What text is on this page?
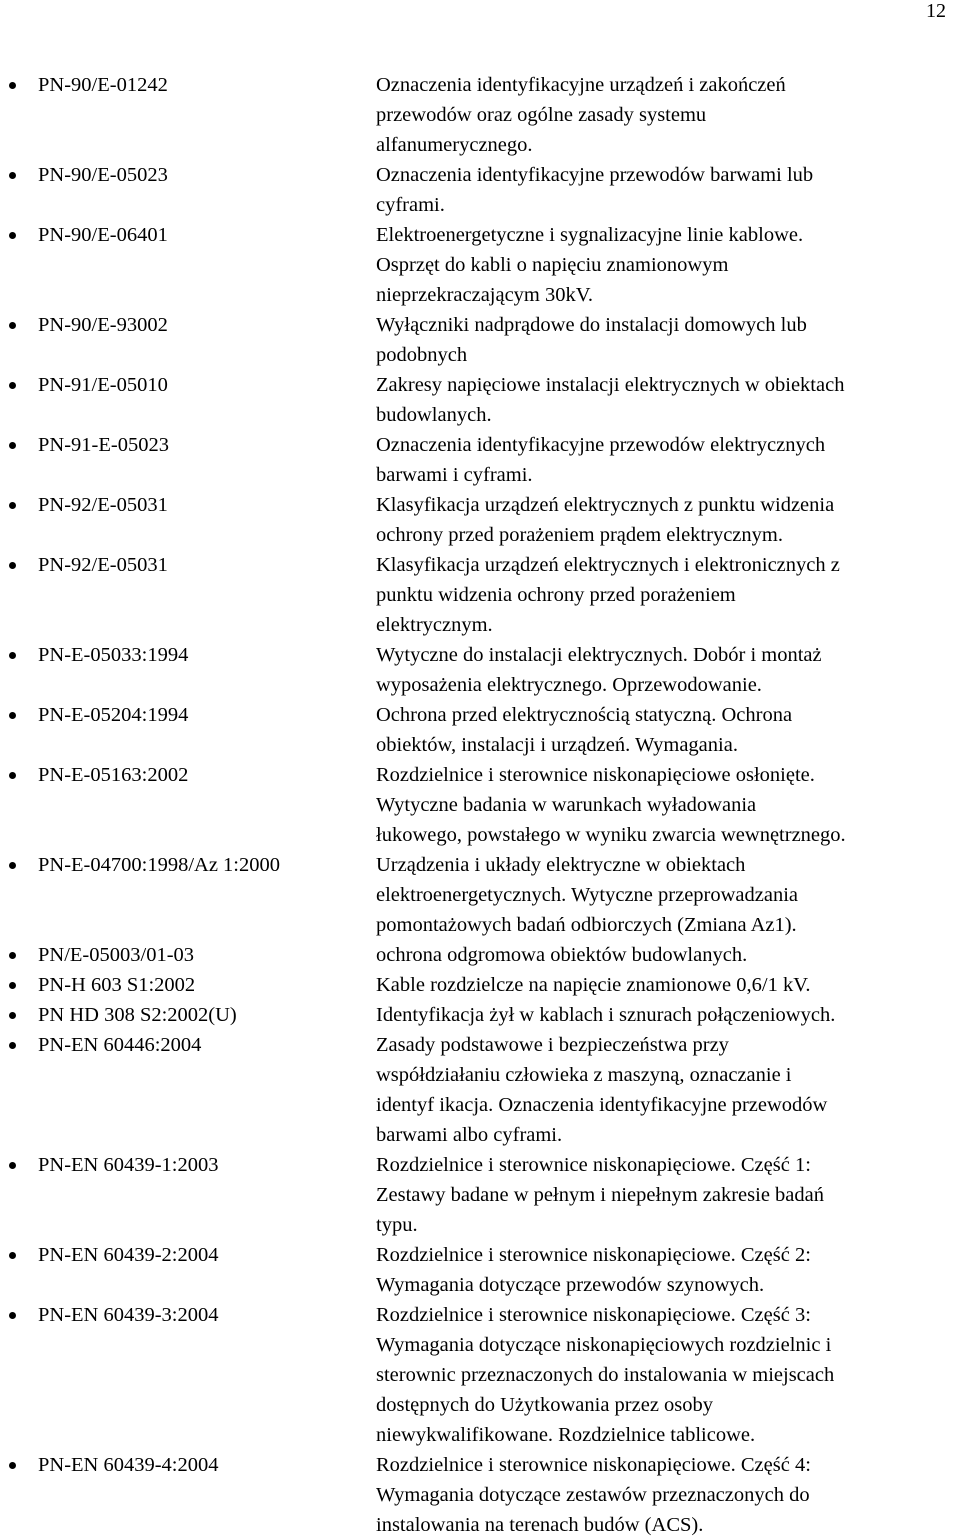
12
PN-90/E-01242	Oznaczenia identyfikacyjne urządzeń i zakończeń
przewodów oraz ogólne zasady systemu
alfanumerycznego.
PN-90/E-05023	Oznaczenia identyfikacyjne przewodów barwami lub
cyframi.
PN-90/E-06401	Elektroenergetyczne i sygnalizacyjne linie kablowe.
Osprzęt do kabli o napięciu znamionowym
nieprzekraczającym 30kV.
PN-90/E-93002	Wyłączniki nadprądowe do instalacji domowych lub
podobnych
PN-91/E-05010	Zakresy napięciowe instalacji elektrycznych w obiektach
budowlanych.
PN-91-E-05023	Oznaczenia identyfikacyjne przewodów elektrycznych
barwami i cyframi.
PN-92/E-05031	Klasyfikacja urządzeń elektrycznych z punktu widzenia
ochrony przed porażeniem prądem elektrycznym.
PN-92/E-05031	Klasyfikacja urządzeń elektrycznych i elektronicznych z
punktu widzenia ochrony przed porażeniem
elektrycznym.
PN-E-05033:1994	Wytyczne do instalacji elektrycznych. Dobór i montaż
wyposażenia elektrycznego. Oprzewodowanie.
PN-E-05204:1994	Ochrona przed elektrycznością statyczną. Ochrona
obiektów, instalacji i urządzeń. Wymagania.
PN-E-05163:2002	Rozdzielnice i sterownice niskonapięciowe osłonięte.
Wytyczne badania w warunkach wyładowania
łukowego, powstałego w wyniku zwarcia wewnętrznego.
PN-E-04700:1998/Az 1:2000	Urządzenia i układy elektryczne w obiektach
elektroenergetycznych. Wytyczne przeprowadzania
pomontażowych badań odbiorczych (Zmiana Az1).
PN/E-05003/01-03	ochrona odgromowa obiektów budowlanych.
PN-H 603 S1:2002	Kable rozdzielcze na napięcie znamionowe 0,6/1 kV.
PN HD 308 S2:2002(U)	Identyfikacja żył w kablach i sznurach połączeniowych.
PN-EN 60446:2004	Zasady podstawowe i bezpieczeństwa przy
współdziałaniu człowieka z maszyną, oznaczanie i
identyf ikacja. Oznaczenia identyfikacyjne przewodów
barwami albo cyframi.
PN-EN 60439-1:2003	Rozdzielnice i sterownice niskonapięciowe. Część 1:
Zestawy badane w pełnym i niepełnym zakresie badań
typu.
PN-EN 60439-2:2004	Rozdzielnice i sterownice niskonapięciowe. Część 2:
Wymagania dotyczące przewodów szynowych.
PN-EN 60439-3:2004	Rozdzielnice i sterownice niskonapięciowe. Część 3:
Wymagania dotyczące niskonapięciowych rozdzielnic i
sterownic przeznaczonych do instalowania w miejscach
dostępnych do Użytkowania przez osoby
niewykwalifikowane. Rozdzielnice tablicowe.
PN-EN 60439-4:2004	Rozdzielnice i sterownice niskonapięciowe. Część 4:
Wymagania dotyczące zestawów przeznaczonych do
instalowania na terenach budów (ACS).
